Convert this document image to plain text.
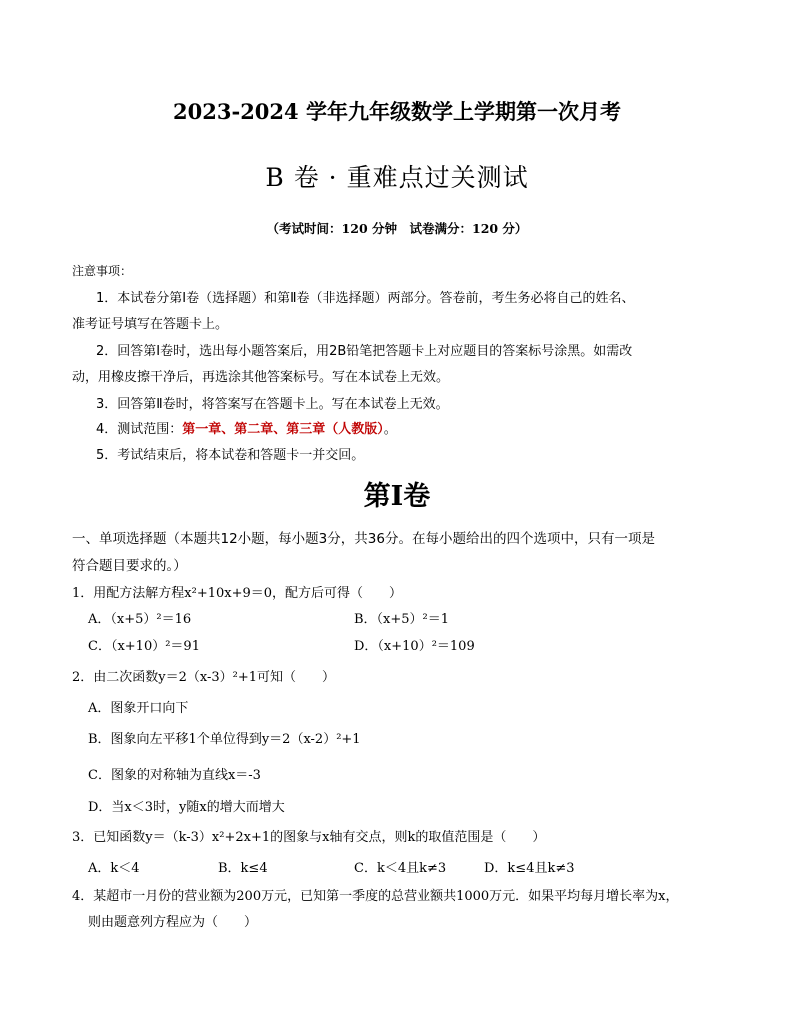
2023-2024 学年九年级数学上学期第一次月考
B 卷 · 重难点过关测试
（考试时间：120 分钟　试卷满分：120 分）
注意事项：
1．本试卷分第Ⅰ卷（选择题）和第Ⅱ卷（非选择题）两部分。答卷前，考生务必将自己的姓名、
准考证号填写在答题卡上。
2．回答第Ⅰ卷时，选出每小题答案后，用2B铅笔把答题卡上对应题目的答案标号涂黑。如需改
动，用橡皮擦干净后，再选涂其他答案标号。写在本试卷上无效。
3．回答第Ⅱ卷时，将答案写在答题卡上。写在本试卷上无效。
4．测试范围：第一章、第二章、第三章（人教版）。
5．考试结束后，将本试卷和答题卡一并交回。
第Ⅰ卷
一、单项选择题（本题共12小题，每小题3分，共36分。在每小题给出的四个选项中，只有一项是
符合题目要求的。）
1．用配方法解方程x²+10x+9＝0，配方后可得（　　）
A．（x+5）²＝16	B．（x+5）²＝1
C．（x+10）²＝91	D．（x+10）²＝109
2．由二次函数y＝2（x-3）²+1可知（　　）
A．图象开口向下
B．图象向左平移1个单位得到y＝2（x-2）²+1
C．图象的对称轴为直线x＝-3
D．当x＜3时，y随x的增大而增大
3．已知函数y＝（k-3）x²+2x+1的图象与x轴有交点，则k的取值范围是（　　）
A．k＜4	B．k≤4	C．k＜4且k≠3	D．k≤4且k≠3
4．某超市一月份的营业额为200万元，已知第一季度的总营业额共1000万元．如果平均每月增长率为x，
则由题意列方程应为（　　）
